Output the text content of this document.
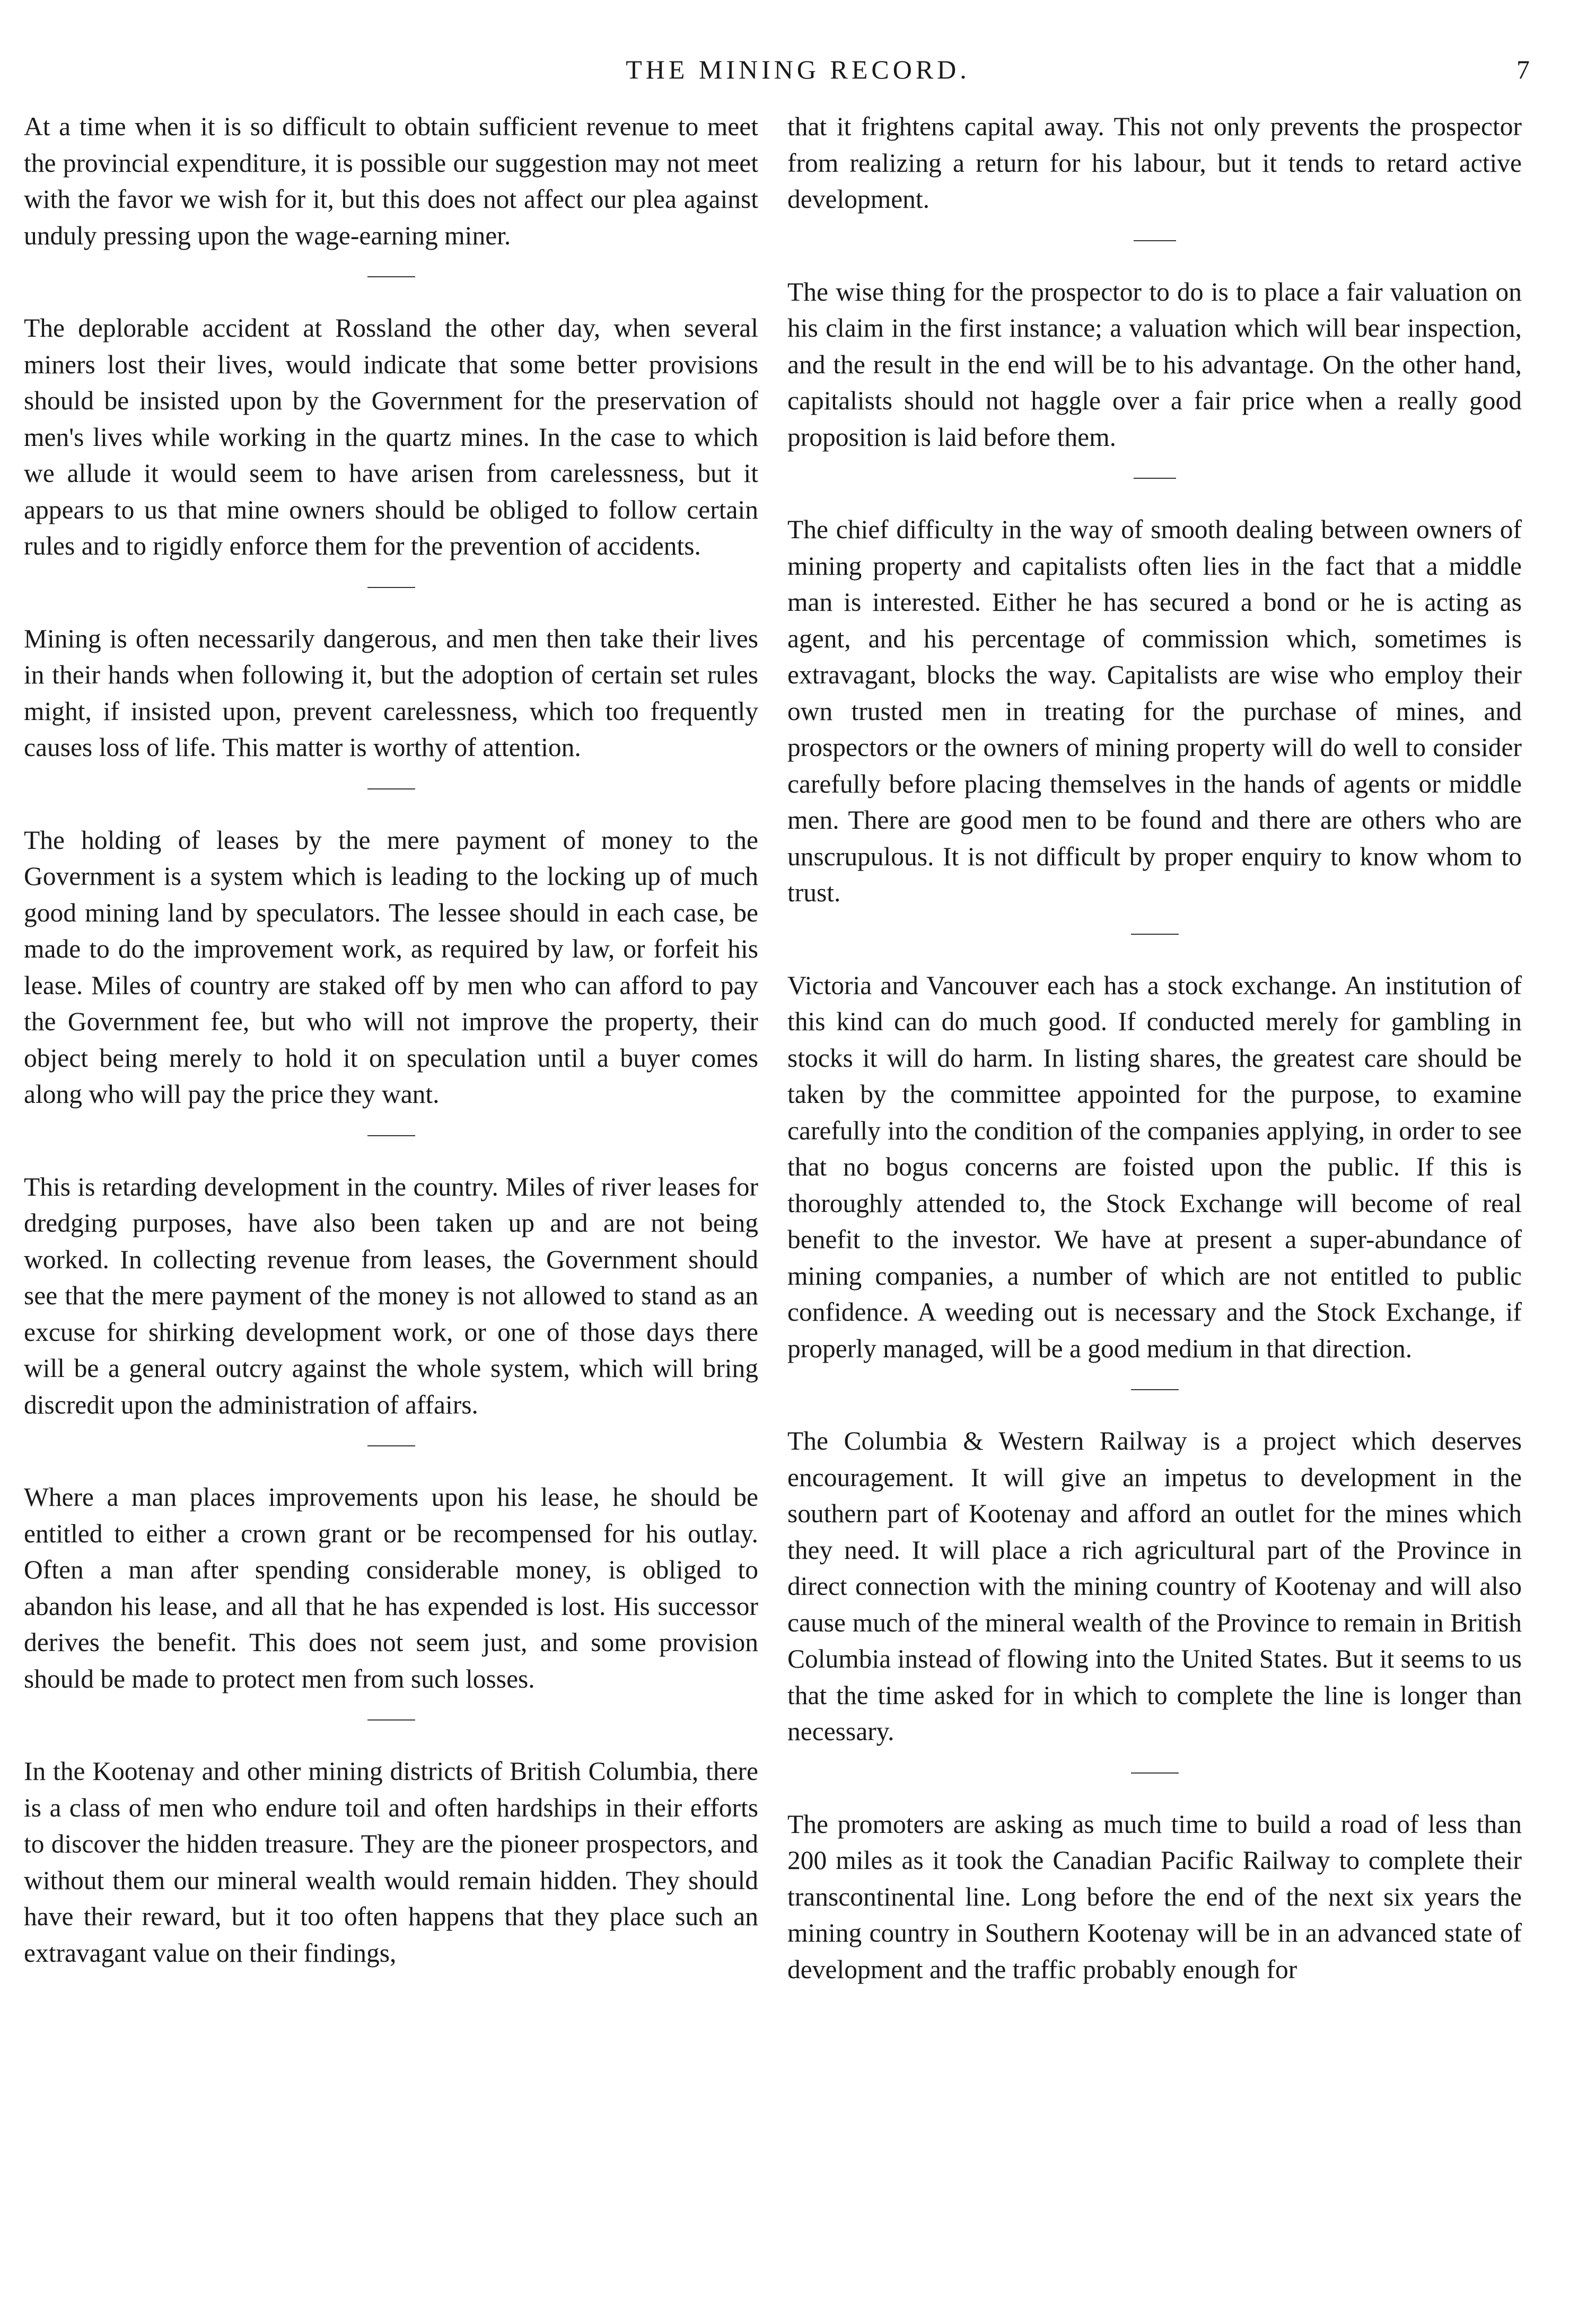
THE MINING RECORD.	7

At a time when it is so difficult to obtain sufficient revenue to meet the provincial expenditure, it is possible our suggestion may not meet with the favor we wish for it, but this does not affect our plea against unduly pressing upon the wage-earning miner.

The deplorable accident at Rossland the other day, when several miners lost their lives, would indicate that some better provisions should be insisted upon by the Government for the preservation of men's lives while working in the quartz mines. In the case to which we allude it would seem to have arisen from carelessness, but it appears to us that mine owners should be obliged to follow certain rules and to rigidly enforce them for the prevention of accidents.

Mining is often necessarily dangerous, and men then take their lives in their hands when following it, but the adoption of certain set rules might, if insisted upon, prevent carelessness, which too frequently causes loss of life. This matter is worthy of attention.

The holding of leases by the mere payment of money to the Government is a system which is leading to the locking up of much good mining land by speculators. The lessee should in each case, be made to do the improvement work, as required by law, or forfeit his lease. Miles of country are staked off by men who can afford to pay the Government fee, but who will not improve the property, their object being merely to hold it on speculation until a buyer comes along who will pay the price they want.

This is retarding development in the country. Miles of river leases for dredging purposes, have also been taken up and are not being worked. In collecting revenue from leases, the Government should see that the mere payment of the money is not allowed to stand as an excuse for shirking development work, or one of those days there will be a general outcry against the whole system, which will bring discredit upon the administration of affairs.

Where a man places improvements upon his lease, he should be entitled to either a crown grant or be recompensed for his outlay. Often a man after spending considerable money, is obliged to abandon his lease, and all that he has expended is lost. His successor derives the benefit. This does not seem just, and some provision should be made to protect men from such losses.

In the Kootenay and other mining districts of British Columbia, there is a class of men who endure toil and often hardships in their efforts to discover the hidden treasure. They are the pioneer prospectors, and without them our mineral wealth would remain hidden. They should have their reward, but it too often happens that they place such an extravagant value on their findings,

that it frightens capital away. This not only prevents the prospector from realizing a return for his labour, but it tends to retard active development.

The wise thing for the prospector to do is to place a fair valuation on his claim in the first instance; a valuation which will bear inspection, and the result in the end will be to his advantage. On the other hand, capitalists should not haggle over a fair price when a really good proposition is laid before them.

The chief difficulty in the way of smooth dealing between owners of mining property and capitalists often lies in the fact that a middle man is interested. Either he has secured a bond or he is acting as agent, and his percentage of commission which, sometimes is extravagant, blocks the way. Capitalists are wise who employ their own trusted men in treating for the purchase of mines, and prospectors or the owners of mining property will do well to consider carefully before placing themselves in the hands of agents or middle men. There are good men to be found and there are others who are unscrupulous. It is not difficult by proper enquiry to know whom to trust.

Victoria and Vancouver each has a stock exchange. An institution of this kind can do much good. If conducted merely for gambling in stocks it will do harm. In listing shares, the greatest care should be taken by the committee appointed for the purpose, to examine carefully into the condition of the companies applying, in order to see that no bogus concerns are foisted upon the public. If this is thoroughly attended to, the Stock Exchange will become of real benefit to the investor. We have at present a super-abundance of mining companies, a number of which are not entitled to public confidence. A weeding out is necessary and the Stock Exchange, if properly managed, will be a good medium in that direction.

The Columbia & Western Railway is a project which deserves encouragement. It will give an impetus to development in the southern part of Kootenay and afford an outlet for the mines which they need. It will place a rich agricultural part of the Province in direct connection with the mining country of Kootenay and will also cause much of the mineral wealth of the Province to remain in British Columbia instead of flowing into the United States. But it seems to us that the time asked for in which to complete the line is longer than necessary.

The promoters are asking as much time to build a road of less than 200 miles as it took the Canadian Pacific Railway to complete their transcontinental line. Long before the end of the next six years the mining country in Southern Kootenay will be in an advanced state of development and the traffic probably enough for
